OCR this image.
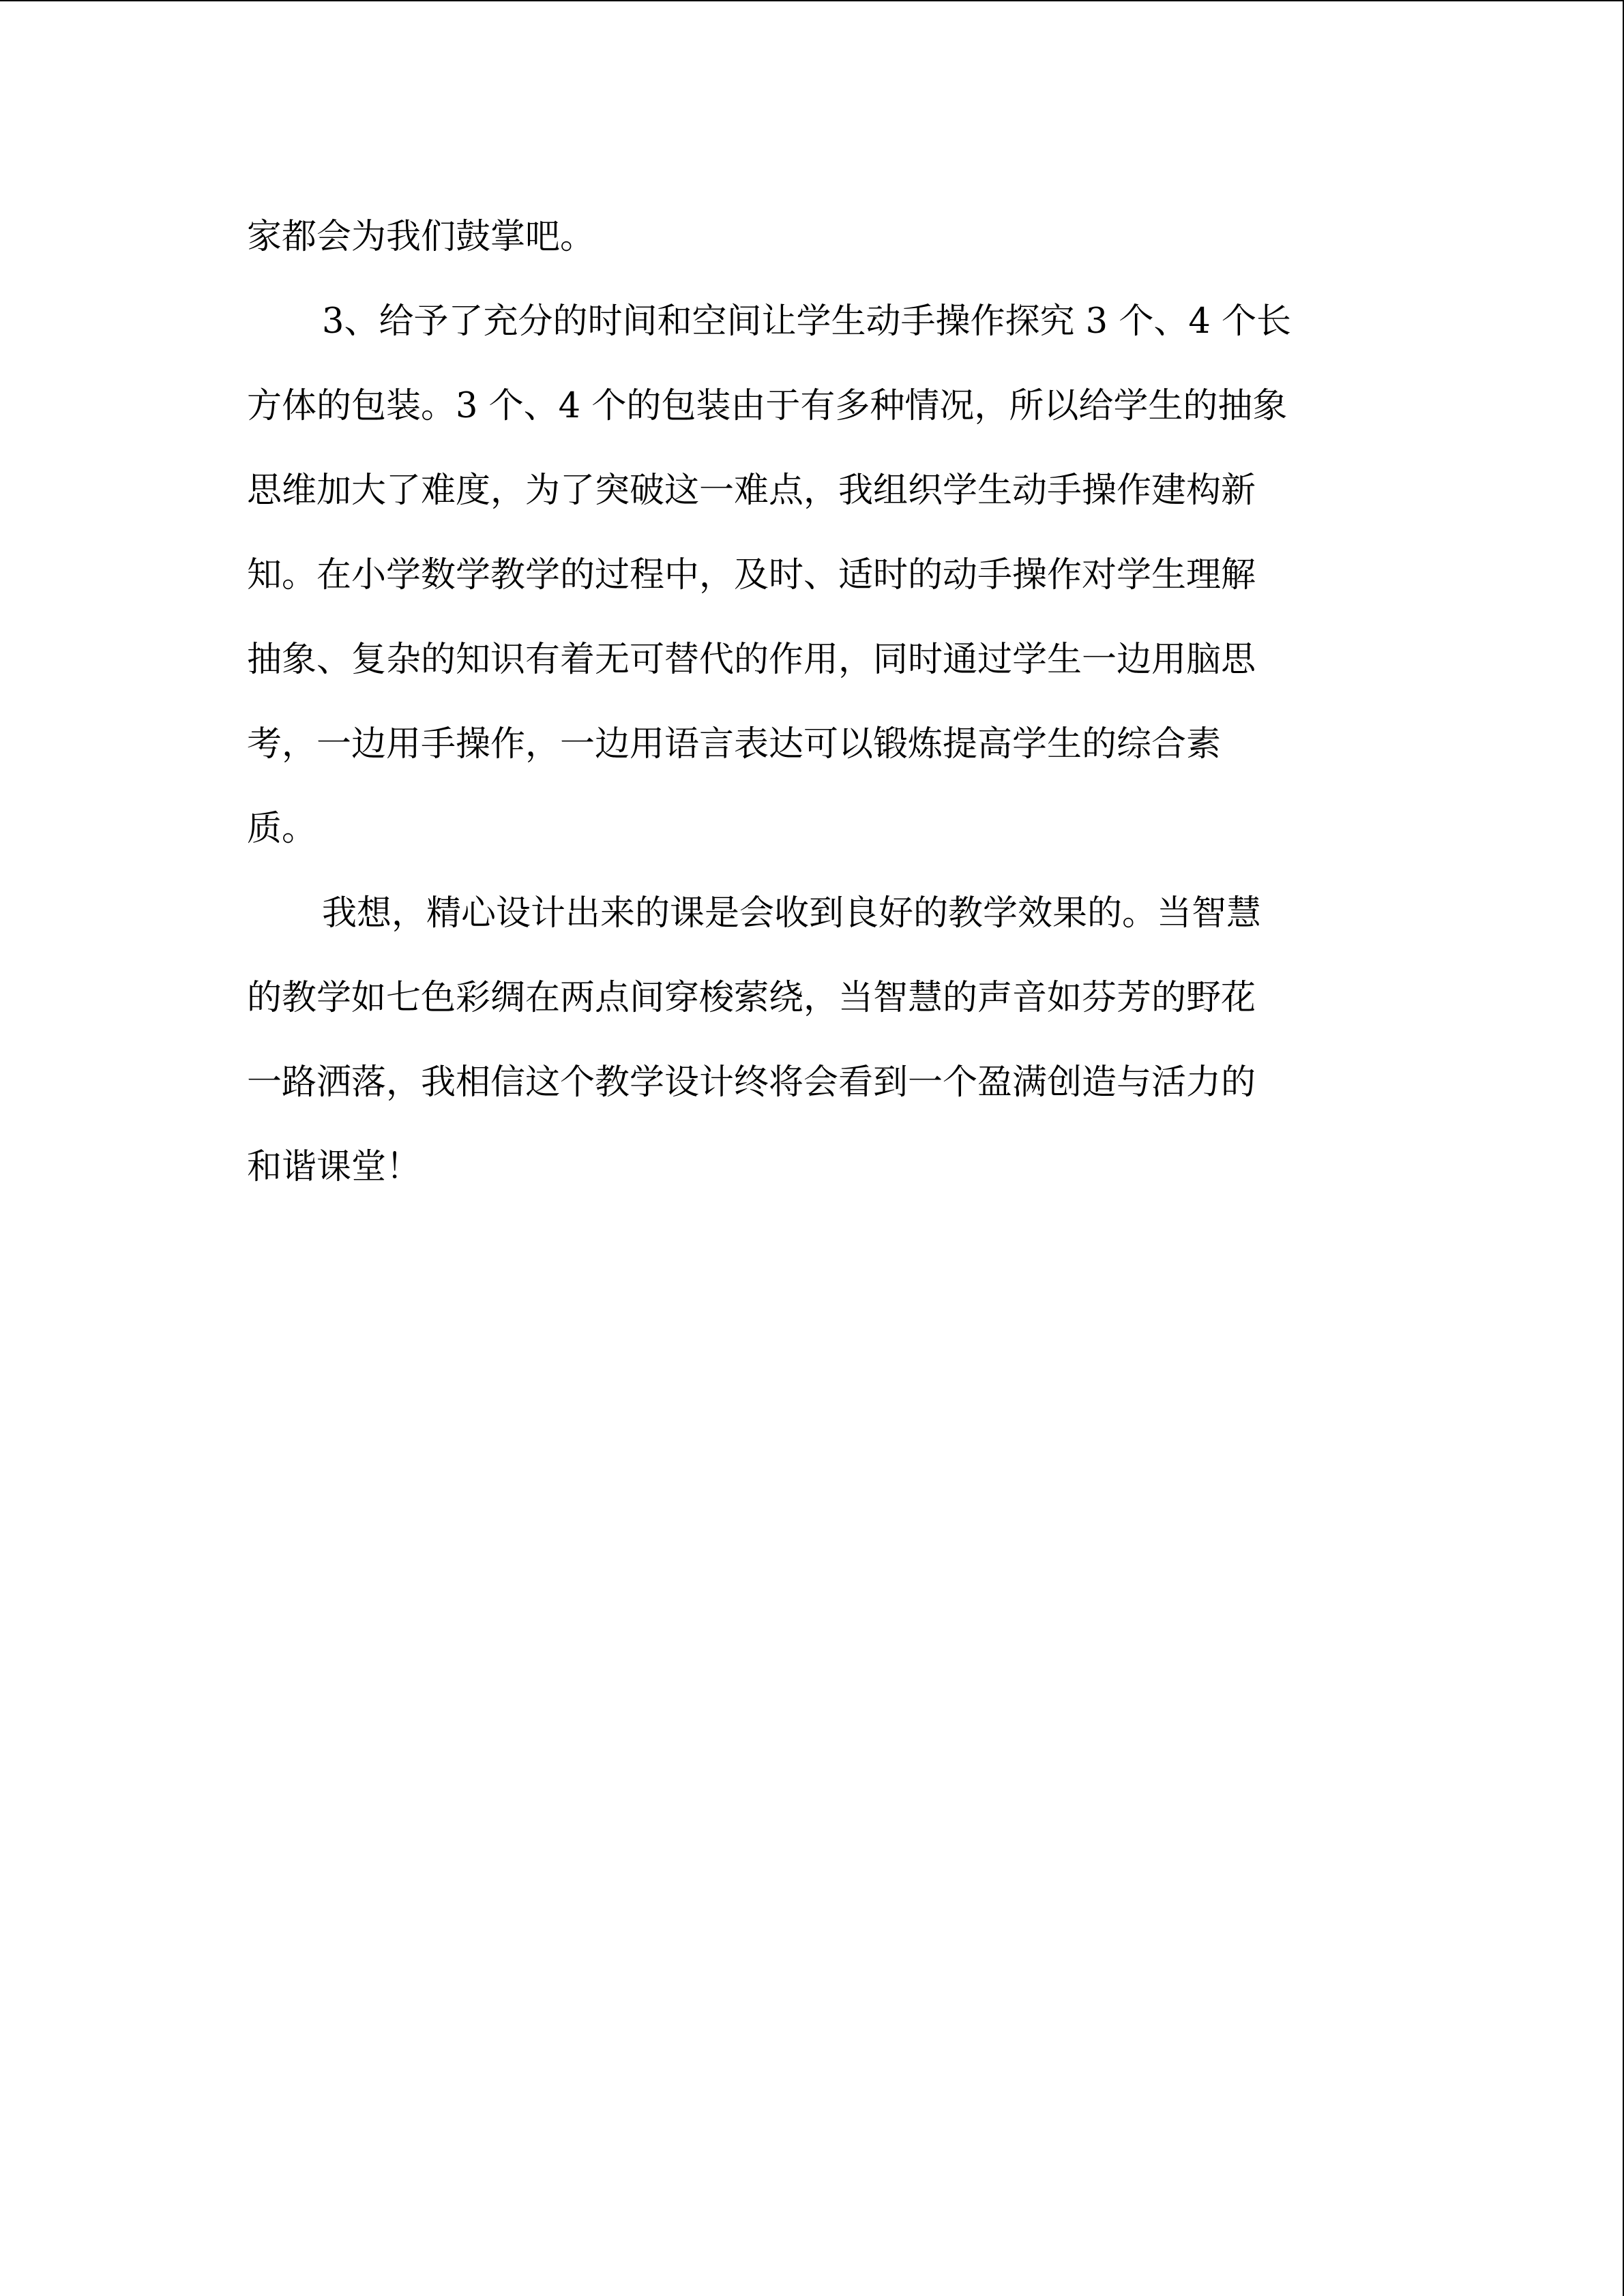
家都会为我们鼓掌吧。
3、给予了充分的时间和空间让学生动手操作探究 3 个、4 个长
方体的包装。3 个、4 个的包装由于有多种情况，所以给学生的抽象
思维加大了难度，为了突破这一难点，我组织学生动手操作建构新
知。在小学数学教学的过程中，及时、适时的动手操作对学生理解
抽象、复杂的知识有着无可替代的作用，同时通过学生一边用脑思
考，一边用手操作，一边用语言表达可以锻炼提高学生的综合素
质。
我想，精心设计出来的课是会收到良好的教学效果的。当智慧
的教学如七色彩绸在两点间穿梭萦绕，当智慧的声音如芬芳的野花
一路洒落，我相信这个教学设计终将会看到一个盈满创造与活力的
和谐课堂！
